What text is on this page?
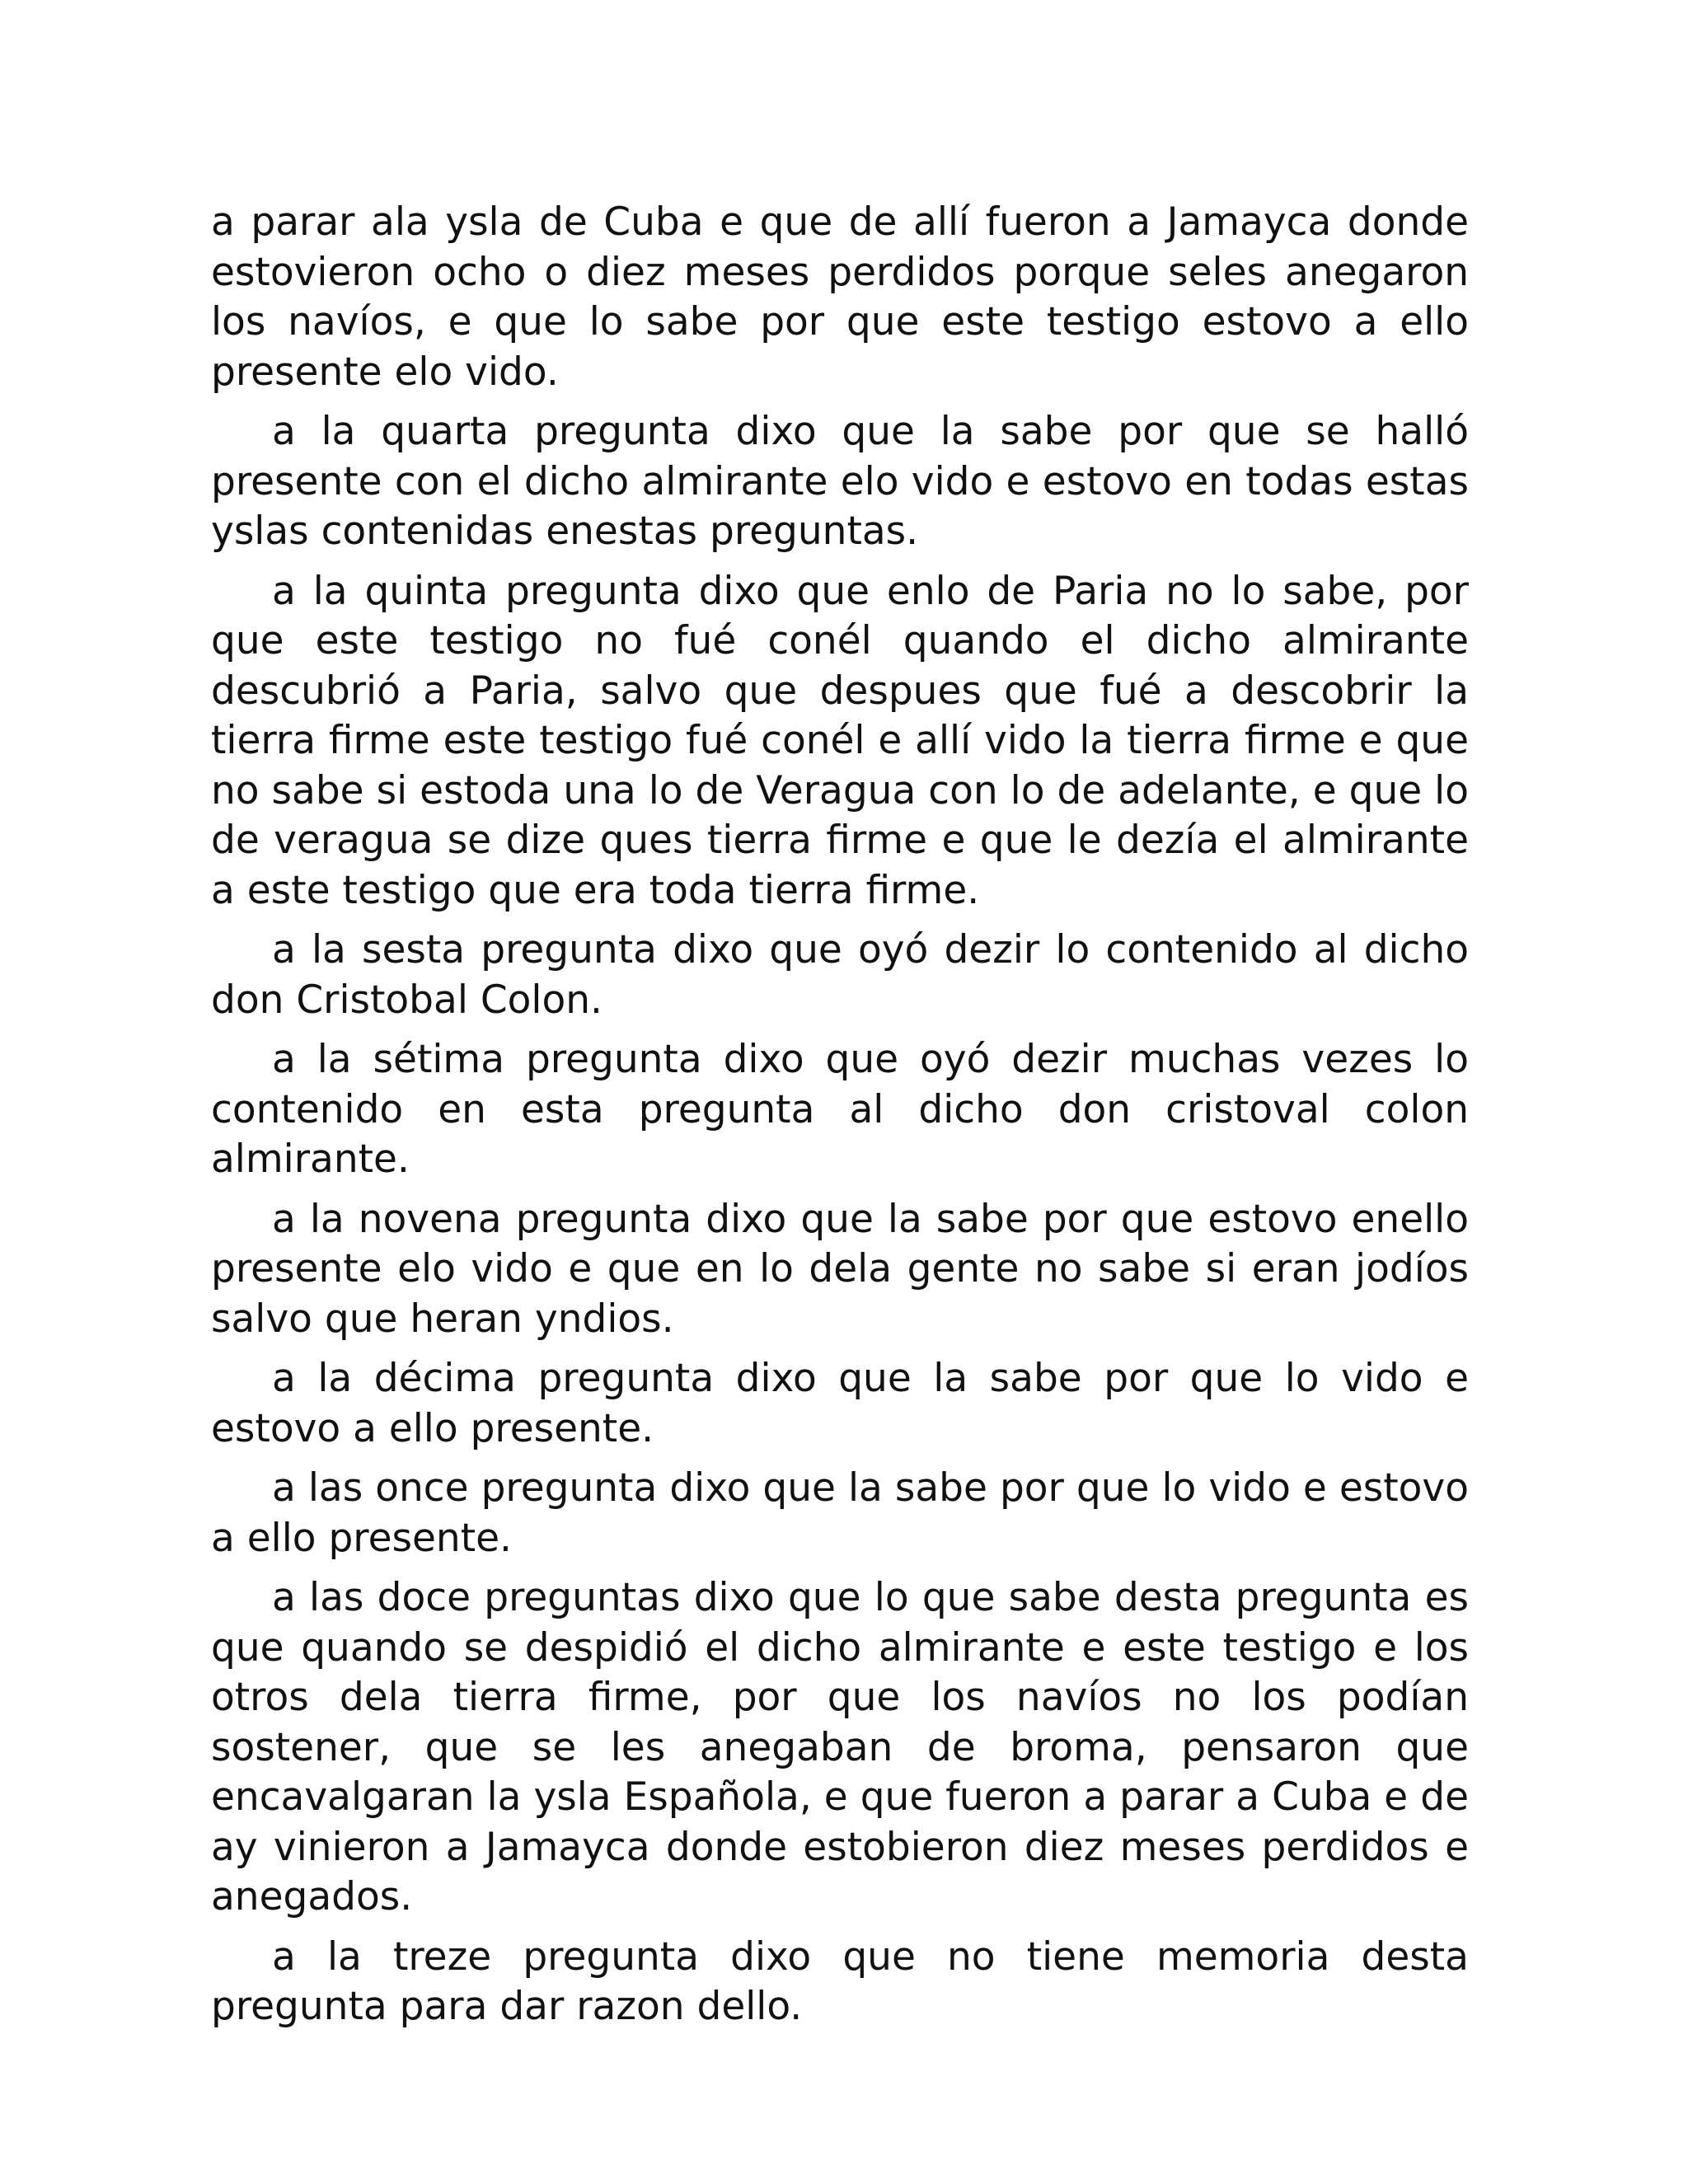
a parar ala ysla de Cuba e que de allí fueron a Jamayca donde estovieron ocho o diez meses perdidos porque seles anegaron los navíos, e que lo sabe por que este testigo estovo a ello presente elo vido.

a la quarta pregunta dixo que la sabe por que se halló presente con el dicho almirante elo vido e estovo en todas estas yslas contenidas enestas preguntas.

a la quinta pregunta dixo que enlo de Paria no lo sabe, por que este testigo no fué conél quando el dicho almirante descubrió a Paria, salvo que despues que fué a descobrir la tierra firme este testigo fué conél e allí vido la tierra firme e que no sabe si estoda una lo de Veragua con lo de adelante, e que lo de veragua se dize ques tierra firme e que le dezía el almirante a este testigo que era toda tierra firme.

a la sesta pregunta dixo que oyó dezir lo contenido al dicho don Cristobal Colon.

a la sétima pregunta dixo que oyó dezir muchas vezes lo contenido en esta pregunta al dicho don cristoval colon almirante.

a la novena pregunta dixo que la sabe por que estovo enello presente elo vido e que en lo dela gente no sabe si eran jodíos salvo que heran yndios.

a la décima pregunta dixo que la sabe por que lo vido e estovo a ello presente.

a las once pregunta dixo que la sabe por que lo vido e estovo a ello presente.

a las doce preguntas dixo que lo que sabe desta pregunta es que quando se despidió el dicho almirante e este testigo e los otros dela tierra firme, por que los navíos no los podían sostener, que se les anegaban de broma, pensaron que encavalgaran la ysla Española, e que fueron a parar a Cuba e de ay vinieron a Jamayca donde estobieron diez meses perdidos e anegados.

a la treze pregunta dixo que no tiene memoria desta pregunta para dar razon dello.
